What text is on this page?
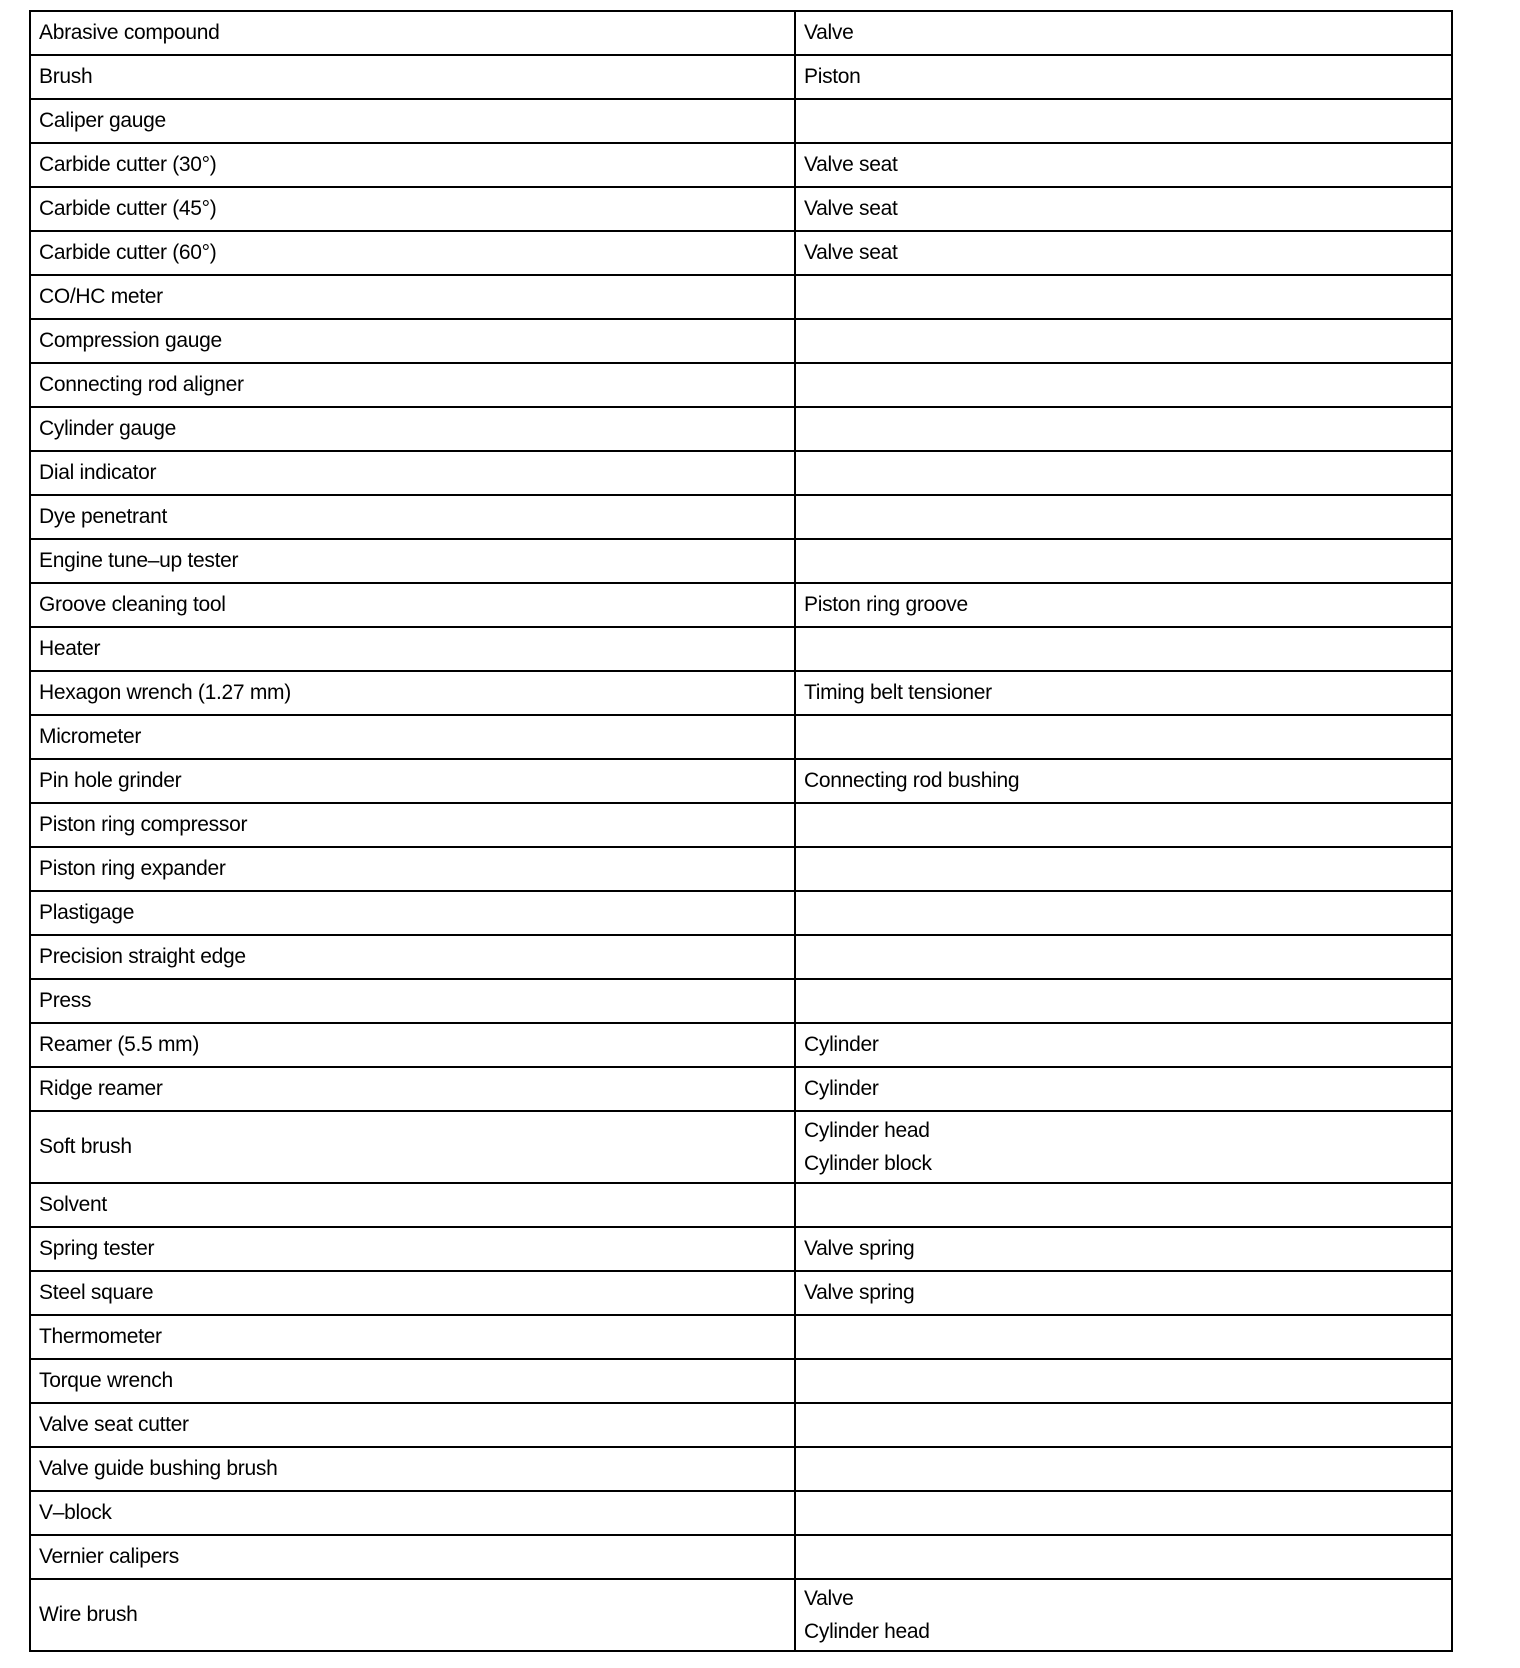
Abrasive compound	Valve
Brush	Piston
Caliper gauge	
Carbide cutter (30°)	Valve seat
Carbide cutter (45°)	Valve seat
Carbide cutter (60°)	Valve seat
CO/HC meter	
Compression gauge	
Connecting rod aligner	
Cylinder gauge	
Dial indicator	
Dye penetrant	
Engine tune–up tester	
Groove cleaning tool	Piston ring groove
Heater	
Hexagon wrench (1.27 mm)	Timing belt tensioner
Micrometer	
Pin hole grinder	Connecting rod bushing
Piston ring compressor	
Piston ring expander	
Plastigage	
Precision straight edge	
Press	
Reamer (5.5 mm)	Cylinder
Ridge reamer	Cylinder
Soft brush	Cylinder head
Cylinder block

Solvent	
Spring tester	Valve spring
Steel square	Valve spring
Thermometer	
Torque wrench	
Valve seat cutter	
Valve guide bushing brush	
V–block	
Vernier calipers	
Wire brush	Valve
Cylinder head
